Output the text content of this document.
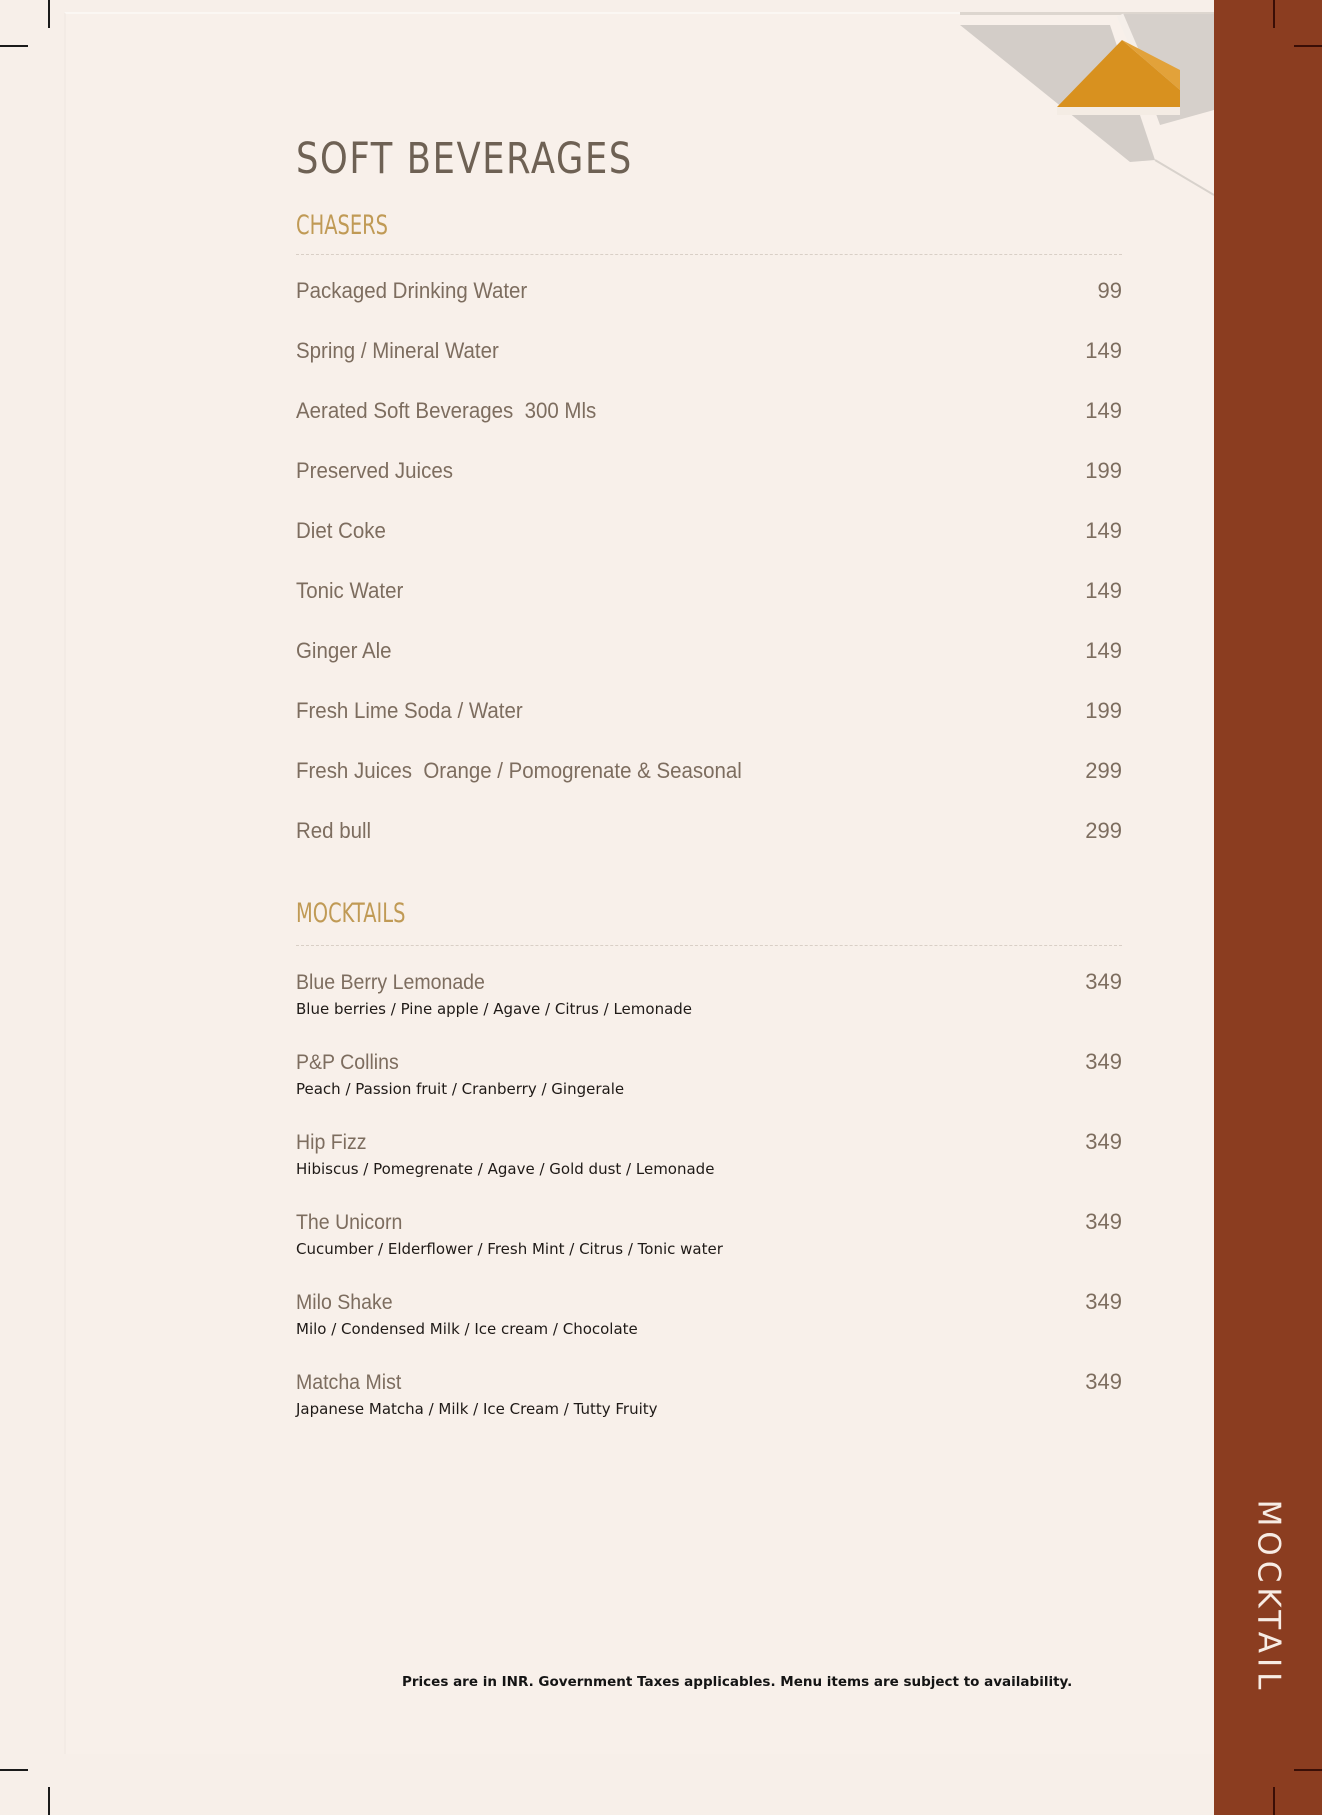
MOCKTAIL
SOFT BEVERAGES
CHASERS
Packaged Drinking Water	99
Spring / Mineral Water	149
Aerated Soft Beverages  300 Mls	149
Preserved Juices	199
Diet Coke	149
Tonic Water	149
Ginger Ale	149
Fresh Lime Soda / Water	199
Fresh Juices  Orange / Pomogrenate & Seasonal	299
Red bull	299
MOCKTAILS
Blue Berry Lemonade	349
Blue berries / Pine apple / Agave / Citrus / Lemonade
P&P Collins	349
Peach / Passion fruit / Cranberry / Gingerale
Hip Fizz	349
Hibiscus / Pomegrenate / Agave / Gold dust / Lemonade
The Unicorn	349
Cucumber / Elderflower / Fresh Mint / Citrus / Tonic water
Milo Shake	349
Milo / Condensed Milk / Ice cream / Chocolate
Matcha Mist	349
Japanese Matcha / Milk / Ice Cream / Tutty Fruity
Prices are in INR. Government Taxes applicables. Menu items are subject to availability.
